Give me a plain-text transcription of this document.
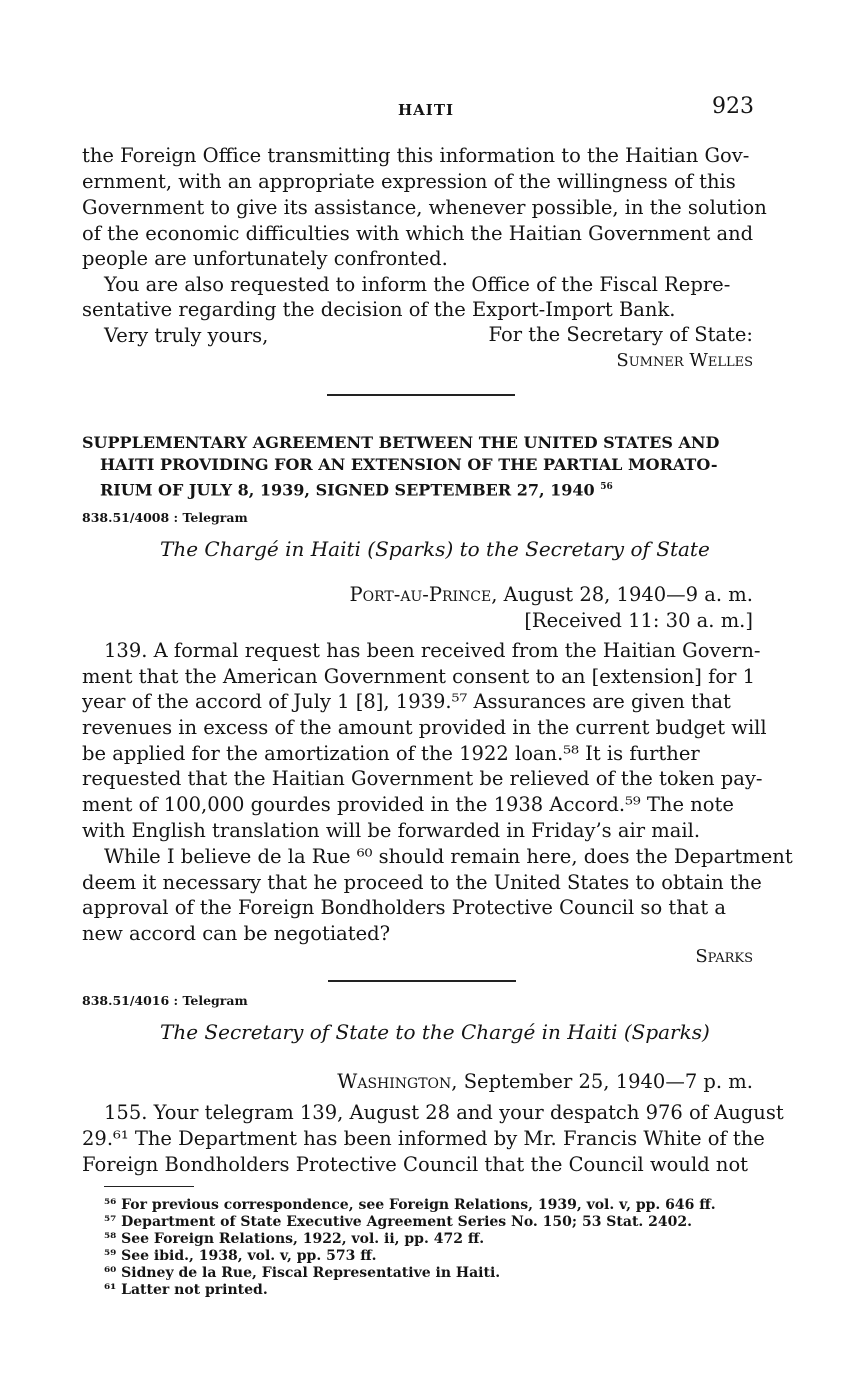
HAITI	923
the Foreign Office transmitting this information to the Haitian Gov-
ernment, with an appropriate expression of the willingness of this
Government to give its assistance, whenever possible, in the solution
of the economic difficulties with which the Haitian Government and
people are unfortunately confronted.
You are also requested to inform the Office of the Fiscal Repre-
sentative regarding the decision of the Export-Import Bank.
Very truly yours,	For the Secretary of State:
Sumner Welles
SUPPLEMENTARY AGREEMENT BETWEEN THE UNITED STATES AND
HAITI PROVIDING FOR AN EXTENSION OF THE PARTIAL MORATO-
RIUM OF JULY 8, 1939, SIGNED SEPTEMBER 27, 1940 $^{56}$
838.51/4008 : Telegram
The Chargé in Haiti (Sparks) to the Secretary of State
Port-au-Prince, August 28, 1940—9 a. m.
[Received 11: 30 a. m.]
139. A formal request has been received from the Haitian Govern-
ment that the American Government consent to an [extension] for 1
year of the accord of July 1 [8], 1939.⁵⁷ Assurances are given that
revenues in excess of the amount provided in the current budget will
be applied for the amortization of the 1922 loan.⁵⁸ It is further
requested that the Haitian Government be relieved of the token pay-
ment of 100,000 gourdes provided in the 1938 Accord.⁵⁹ The note
with English translation will be forwarded in Friday’s air mail.
While I believe de la Rue ⁶⁰ should remain here, does the Department
deem it necessary that he proceed to the United States to obtain the
approval of the Foreign Bondholders Protective Council so that a
new accord can be negotiated?
Sparks
838.51/4016 : Telegram
The Secretary of State to the Chargé in Haiti (Sparks)
Washington, September 25, 1940—7 p. m.
155. Your telegram 139, August 28 and your despatch 976 of August
29.⁶¹ The Department has been informed by Mr. Francis White of the
Foreign Bondholders Protective Council that the Council would not
⁵⁶ For previous correspondence, see Foreign Relations, 1939, vol. v, pp. 646 ff.
⁵⁷ Department of State Executive Agreement Series No. 150; 53 Stat. 2402.
⁵⁸ See Foreign Relations, 1922, vol. ii, pp. 472 ff.
⁵⁹ See ibid., 1938, vol. v, pp. 573 ff.
⁶⁰ Sidney de la Rue, Fiscal Representative in Haiti.
⁶¹ Latter not printed.
